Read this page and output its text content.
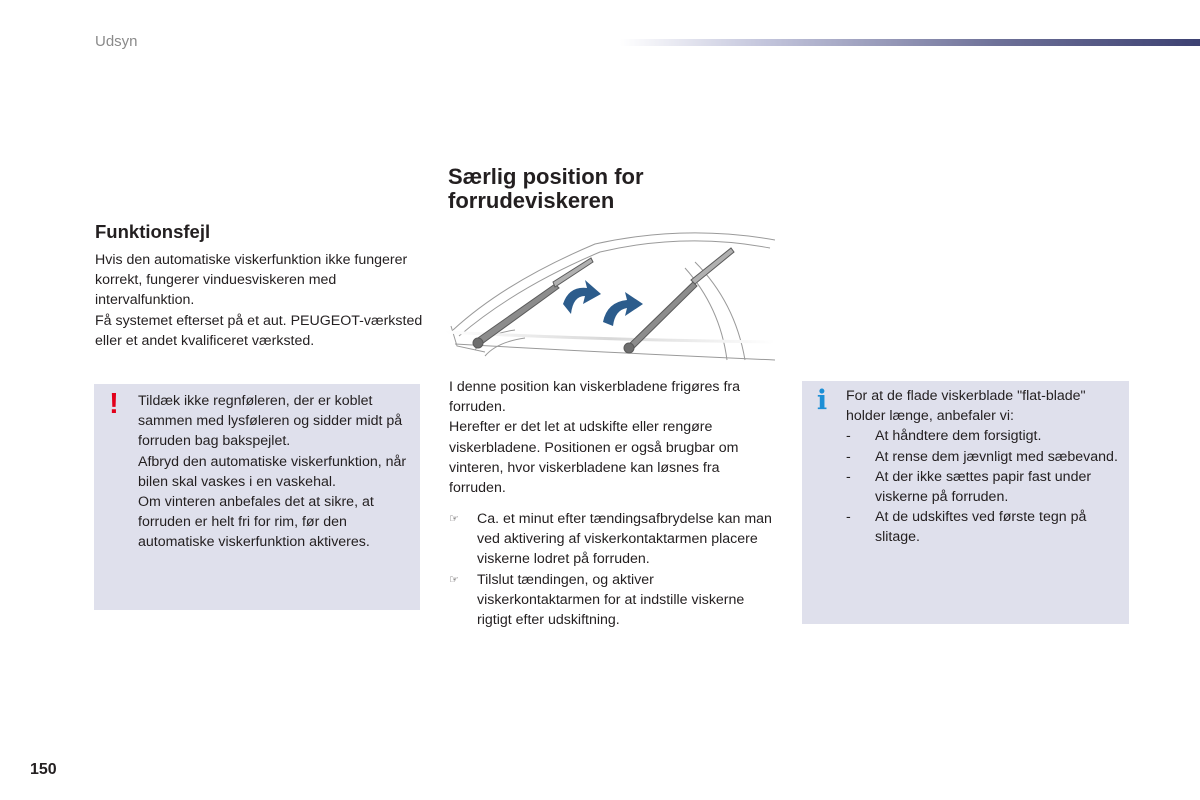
Udsyn
Funktionsfejl

Hvis den automatiske viskerfunktion ikke fungerer korrekt, fungerer vinduesviskeren med intervalfunktion.

Få systemet efterset på et aut. PEUGEOT-værksted eller et andet kvalificeret værksted.

! Tildæk ikke regnføleren, der er koblet sammen med lysføleren og sidder midt på forruden bag bakspejlet.

Afbryd den automatiske viskerfunktion, når bilen skal vaskes i en vaskehal.

Om vinteren anbefales det at sikre, at forruden er helt fri for rim, før den automatiske viskerfunktion aktiveres.

Særlig position for forrudeviskeren

I denne position kan viskerbladene frigøres fra forruden.

Herefter er det let at udskifte eller rengøre viskerbladene. Positionen er også brugbar om vinteren, hvor viskerbladene kan løsnes fra forruden.

☞ Ca. et minut efter tændingsafbrydelse kan man ved aktivering af viskerkontaktarmen placere viskerne lodret på forruden.
☞ Tilslut tændingen, og aktiver viskerkontaktarmen for at indstille viskerne rigtigt efter udskiftning.
i For at de flade viskerblade "flat-blade" holder længe, anbefaler vi:

- At håndtere dem forsigtigt.
- At rense dem jævnligt med sæbevand.
- At der ikke sættes papir fast under viskerne på forruden.
- At de udskiftes ved første tegn på slitage.
150
